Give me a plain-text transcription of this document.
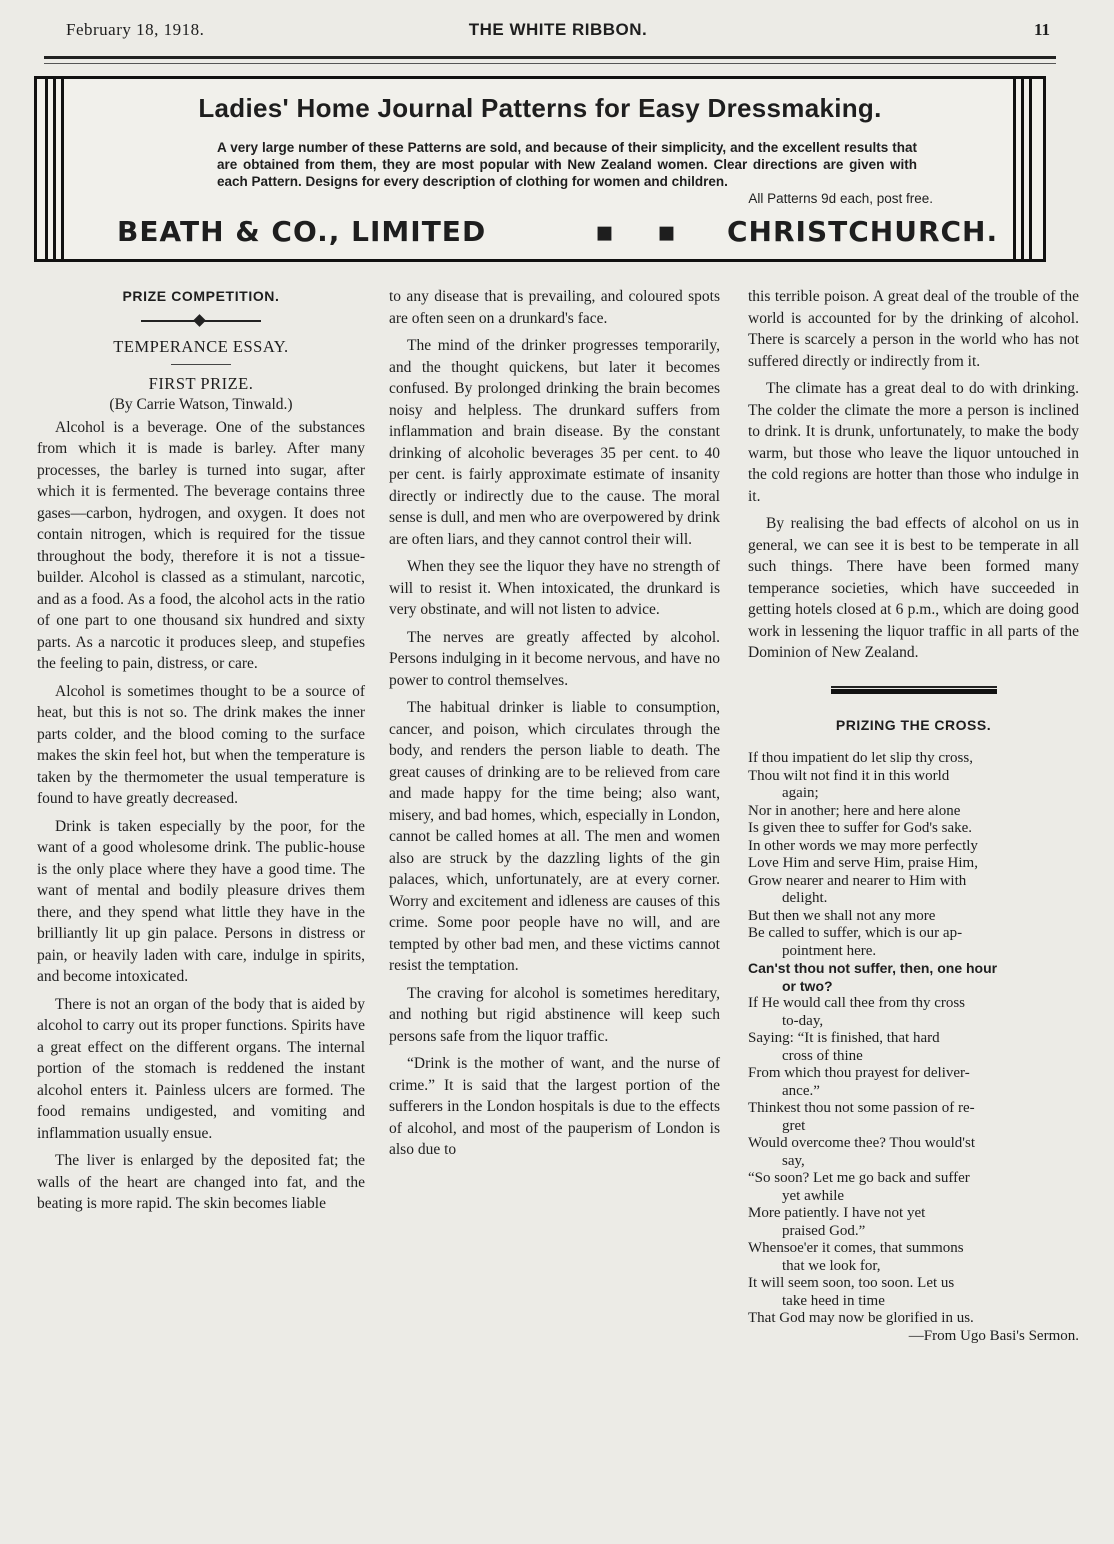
February 18, 1918.	THE WHITE RIBBON.	11
Ladies' Home Journal Patterns for Easy Dressmaking.
A very large number of these Patterns are sold, and because of their simplicity, and the excellent results that are obtained from them, they are most popular with New Zealand women. Clear directions are given with each Pattern. Designs for every description of clothing for women and children.
All Patterns 9d each, post free.
BEATH & CO., LIMITED	▪ ▪ CHRISTCHURCH.
PRIZE COMPETITION.
TEMPERANCE ESSAY.
FIRST PRIZE.
(By Carrie Watson, Tinwald.)

Alcohol is a beverage. One of the substances from which it is made is barley. After many processes, the barley is turned into sugar, after which it is fermented. The beverage contains three gases—carbon, hydrogen, and oxygen. It does not contain nitrogen, which is required for the tissue throughout the body, therefore it is not a tissue-builder. Alcohol is classed as a stimulant, narcotic, and as a food. As a food, the alcohol acts in the ratio of one part to one thousand six hundred and sixty parts. As a narcotic it produces sleep, and stupefies the feeling to pain, distress, or care.

Alcohol is sometimes thought to be a source of heat, but this is not so. The drink makes the inner parts colder, and the blood coming to the surface makes the skin feel hot, but when the temperature is taken by the thermometer the usual temperature is found to have greatly decreased.

Drink is taken especially by the poor, for the want of a good wholesome drink. The public-house is the only place where they have a good time. The want of mental and bodily pleasure drives them there, and they spend what little they have in the brilliantly lit up gin palace. Persons in distress or pain, or heavily laden with care, indulge in spirits, and become intoxicated.

There is not an organ of the body that is aided by alcohol to carry out its proper functions. Spirits have a great effect on the different organs. The internal portion of the stomach is reddened the instant alcohol enters it. Painless ulcers are formed. The food remains undigested, and vomiting and inflammation usually ensue.

The liver is enlarged by the deposited fat; the walls of the heart are changed into fat, and the beating is more rapid. The skin becomes liable

to any disease that is prevailing, and coloured spots are often seen on a drunkard's face.

The mind of the drinker progresses temporarily, and the thought quickens, but later it becomes confused. By prolonged drinking the brain becomes noisy and helpless. The drunkard suffers from inflammation and brain disease. By the constant drinking of alcoholic beverages 35 per cent. to 40 per cent. is fairly approximate estimate of insanity directly or indirectly due to the cause. The moral sense is dull, and men who are overpowered by drink are often liars, and they cannot control their will.

When they see the liquor they have no strength of will to resist it. When intoxicated, the drunkard is very obstinate, and will not listen to advice.

The nerves are greatly affected by alcohol. Persons indulging in it become nervous, and have no power to control themselves.

The habitual drinker is liable to consumption, cancer, and poison, which circulates through the body, and renders the person liable to death. The great causes of drinking are to be relieved from care and made happy for the time being; also want, misery, and bad homes, which, especially in London, cannot be called homes at all. The men and women also are struck by the dazzling lights of the gin palaces, which, unfortunately, are at every corner. Worry and excitement and idleness are causes of this crime. Some poor people have no will, and are tempted by other bad men, and these victims cannot resist the temptation.

The craving for alcohol is sometimes hereditary, and nothing but rigid abstinence will keep such persons safe from the liquor traffic.

“Drink is the mother of want, and the nurse of crime.” It is said that the largest portion of the sufferers in the London hospitals is due to the effects of alcohol, and most of the pauperism of London is also due to

this terrible poison. A great deal of the trouble of the world is accounted for by the drinking of alcohol. There is scarcely a person in the world who has not suffered directly or indirectly from it.

The climate has a great deal to do with drinking. The colder the climate the more a person is inclined to drink. It is drunk, unfortunately, to make the body warm, but those who leave the liquor untouched in the cold regions are hotter than those who indulge in it.

By realising the bad effects of alcohol on us in general, we can see it is best to be temperate in all such things. There have been formed many temperance societies, which have succeeded in getting hotels closed at 6 p.m., which are doing good work in lessening the liquor traffic in all parts of the Dominion of New Zealand.

PRIZING THE CROSS.
If thou impatient do let slip thy cross,
Thou wilt not find it in this world
again;
Nor in another; here and here alone
Is given thee to suffer for God's sake.
In other words we may more perfectly
Love Him and serve Him, praise Him,
Grow nearer and nearer to Him with
delight.
But then we shall not any more
Be called to suffer, which is our ap-
pointment here.
Can'st thou not suffer, then, one hour
or two?
If He would call thee from thy cross
to-day,
Saying: “It is finished, that hard
cross of thine
From which thou prayest for deliver-
ance.”
Thinkest thou not some passion of re-
gret
Would overcome thee? Thou would'st
say,
“So soon? Let me go back and suffer
yet awhile
More patiently. I have not yet
praised God.”
Whensoe'er it comes, that summons
that we look for,
It will seem soon, too soon. Let us
take heed in time
That God may now be glorified in us.
—From Ugo Basi's Sermon.
